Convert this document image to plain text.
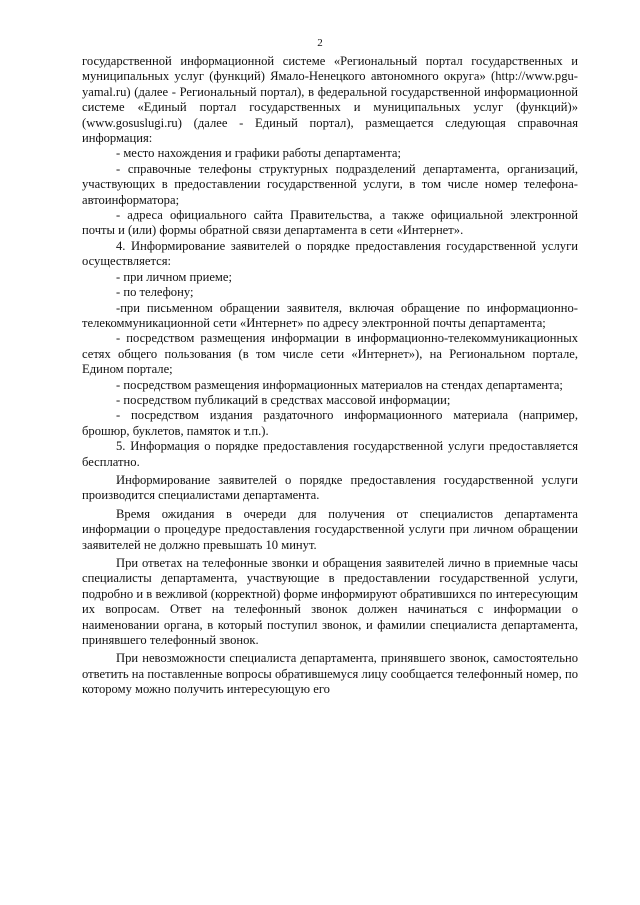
2

государственной информационной системе «Региональный портал государственных и муниципальных услуг (функций) Ямало-Ненецкого автономного округа» (http://www.pgu-yamal.ru) (далее - Региональный портал), в федеральной государственной информационной системе «Единый портал государственных и муниципальных услуг (функций)» (www.gosuslugi.ru) (далее - Единый портал), размещается следующая справочная информация:

- место нахождения и графики работы департамента;

- справочные телефоны структурных подразделений департамента, организаций, участвующих в предоставлении государственной услуги, в том числе номер телефона-автоинформатора;

- адреса официального сайта Правительства, а также официальной электронной почты и (или) формы обратной связи департамента в сети «Интернет».

4. Информирование заявителей о порядке предоставления государственной услуги осуществляется:

- при личном приеме;

- по телефону;

-при письменном обращении заявителя, включая обращение по информационно-телекоммуникационной сети «Интернет» по адресу электронной почты департамента;

- посредством размещения информации в информационно-телекоммуникационных сетях общего пользования (в том числе сети «Интернет»), на Региональном портале, Едином портале;

- посредством размещения информационных материалов на стендах департамента;

- посредством публикаций в средствах массовой информации;

- посредством издания раздаточного информационного материала (например, брошюр, буклетов, памяток и т.п.).

5. Информация о порядке предоставления государственной услуги предоставляется бесплатно.

Информирование заявителей о порядке предоставления государственной услуги производится специалистами департамента.

Время ожидания в очереди для получения от специалистов департамента информации о процедуре предоставления государственной услуги при личном обращении заявителей не должно превышать 10 минут.

При ответах на телефонные звонки и обращения заявителей лично в приемные часы специалисты департамента, участвующие в предоставлении государственной услуги, подробно и в вежливой (корректной) форме информируют обратившихся по интересующим их вопросам. Ответ на телефонный звонок должен начинаться с информации о наименовании органа, в который поступил звонок, и фамилии специалиста департамента, принявшего телефонный звонок.

При невозможности специалиста департамента, принявшего звонок, самостоятельно ответить на поставленные вопросы обратившемуся лицу сообщается телефонный номер, по которому можно получить интересующую его
